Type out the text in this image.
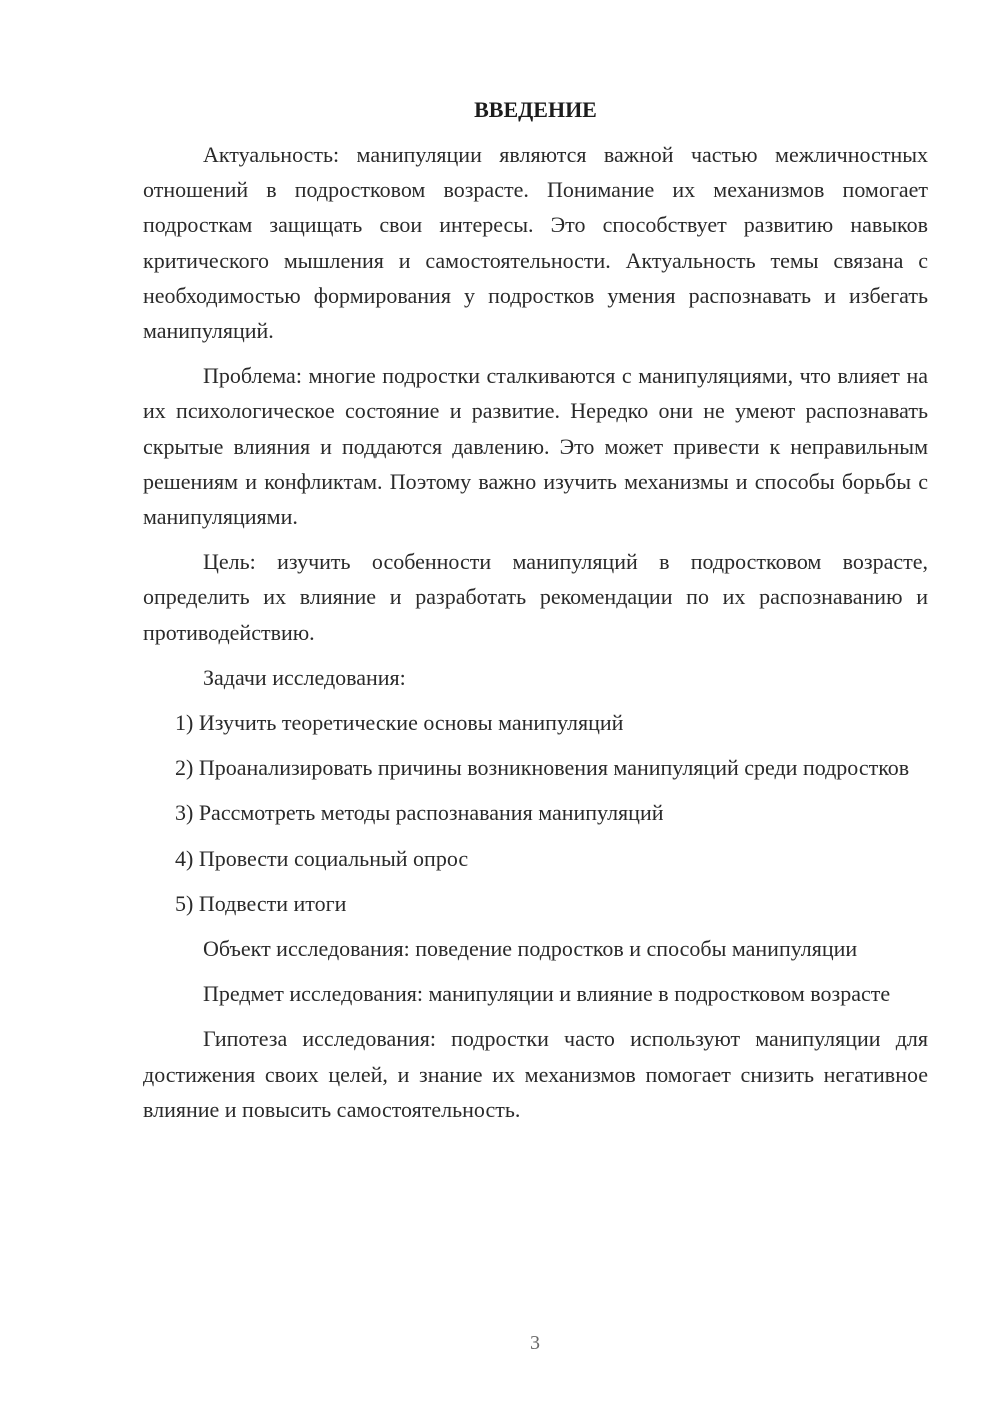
ВВЕДЕНИЕ

Актуальность: манипуляции являются важной частью межличностных отношений в подростковом возрасте. Понимание их механизмов помогает подросткам защищать свои интересы. Это способствует развитию навыков критического мышления и самостоятельности. Актуальность темы связана с необходимостью формирования у подростков умения распознавать и избегать манипуляций.

Проблема: многие подростки сталкиваются с манипуляциями, что влияет на их психологическое состояние и развитие. Нередко они не умеют распознавать скрытые влияния и поддаются давлению. Это может привести к неправильным решениям и конфликтам. Поэтому важно изучить механизмы и способы борьбы с манипуляциями.

Цель: изучить особенности манипуляций в подростковом возрасте, определить их влияние и разработать рекомендации по их распознаванию и противодействию.

Задачи исследования:

1) Изучить теоретические основы манипуляций

2) Проанализировать причины возникновения манипуляций среди подростков

3) Рассмотреть методы распознавания манипуляций

4) Провести социальный опрос

5) Подвести итоги

Объект исследования: поведение подростков и способы манипуляции

Предмет исследования: манипуляции и влияние в подростковом возрасте

Гипотеза исследования: подростки часто используют манипуляции для достижения своих целей, и знание их механизмов помогает снизить негативное влияние и повысить самостоятельность.

3
